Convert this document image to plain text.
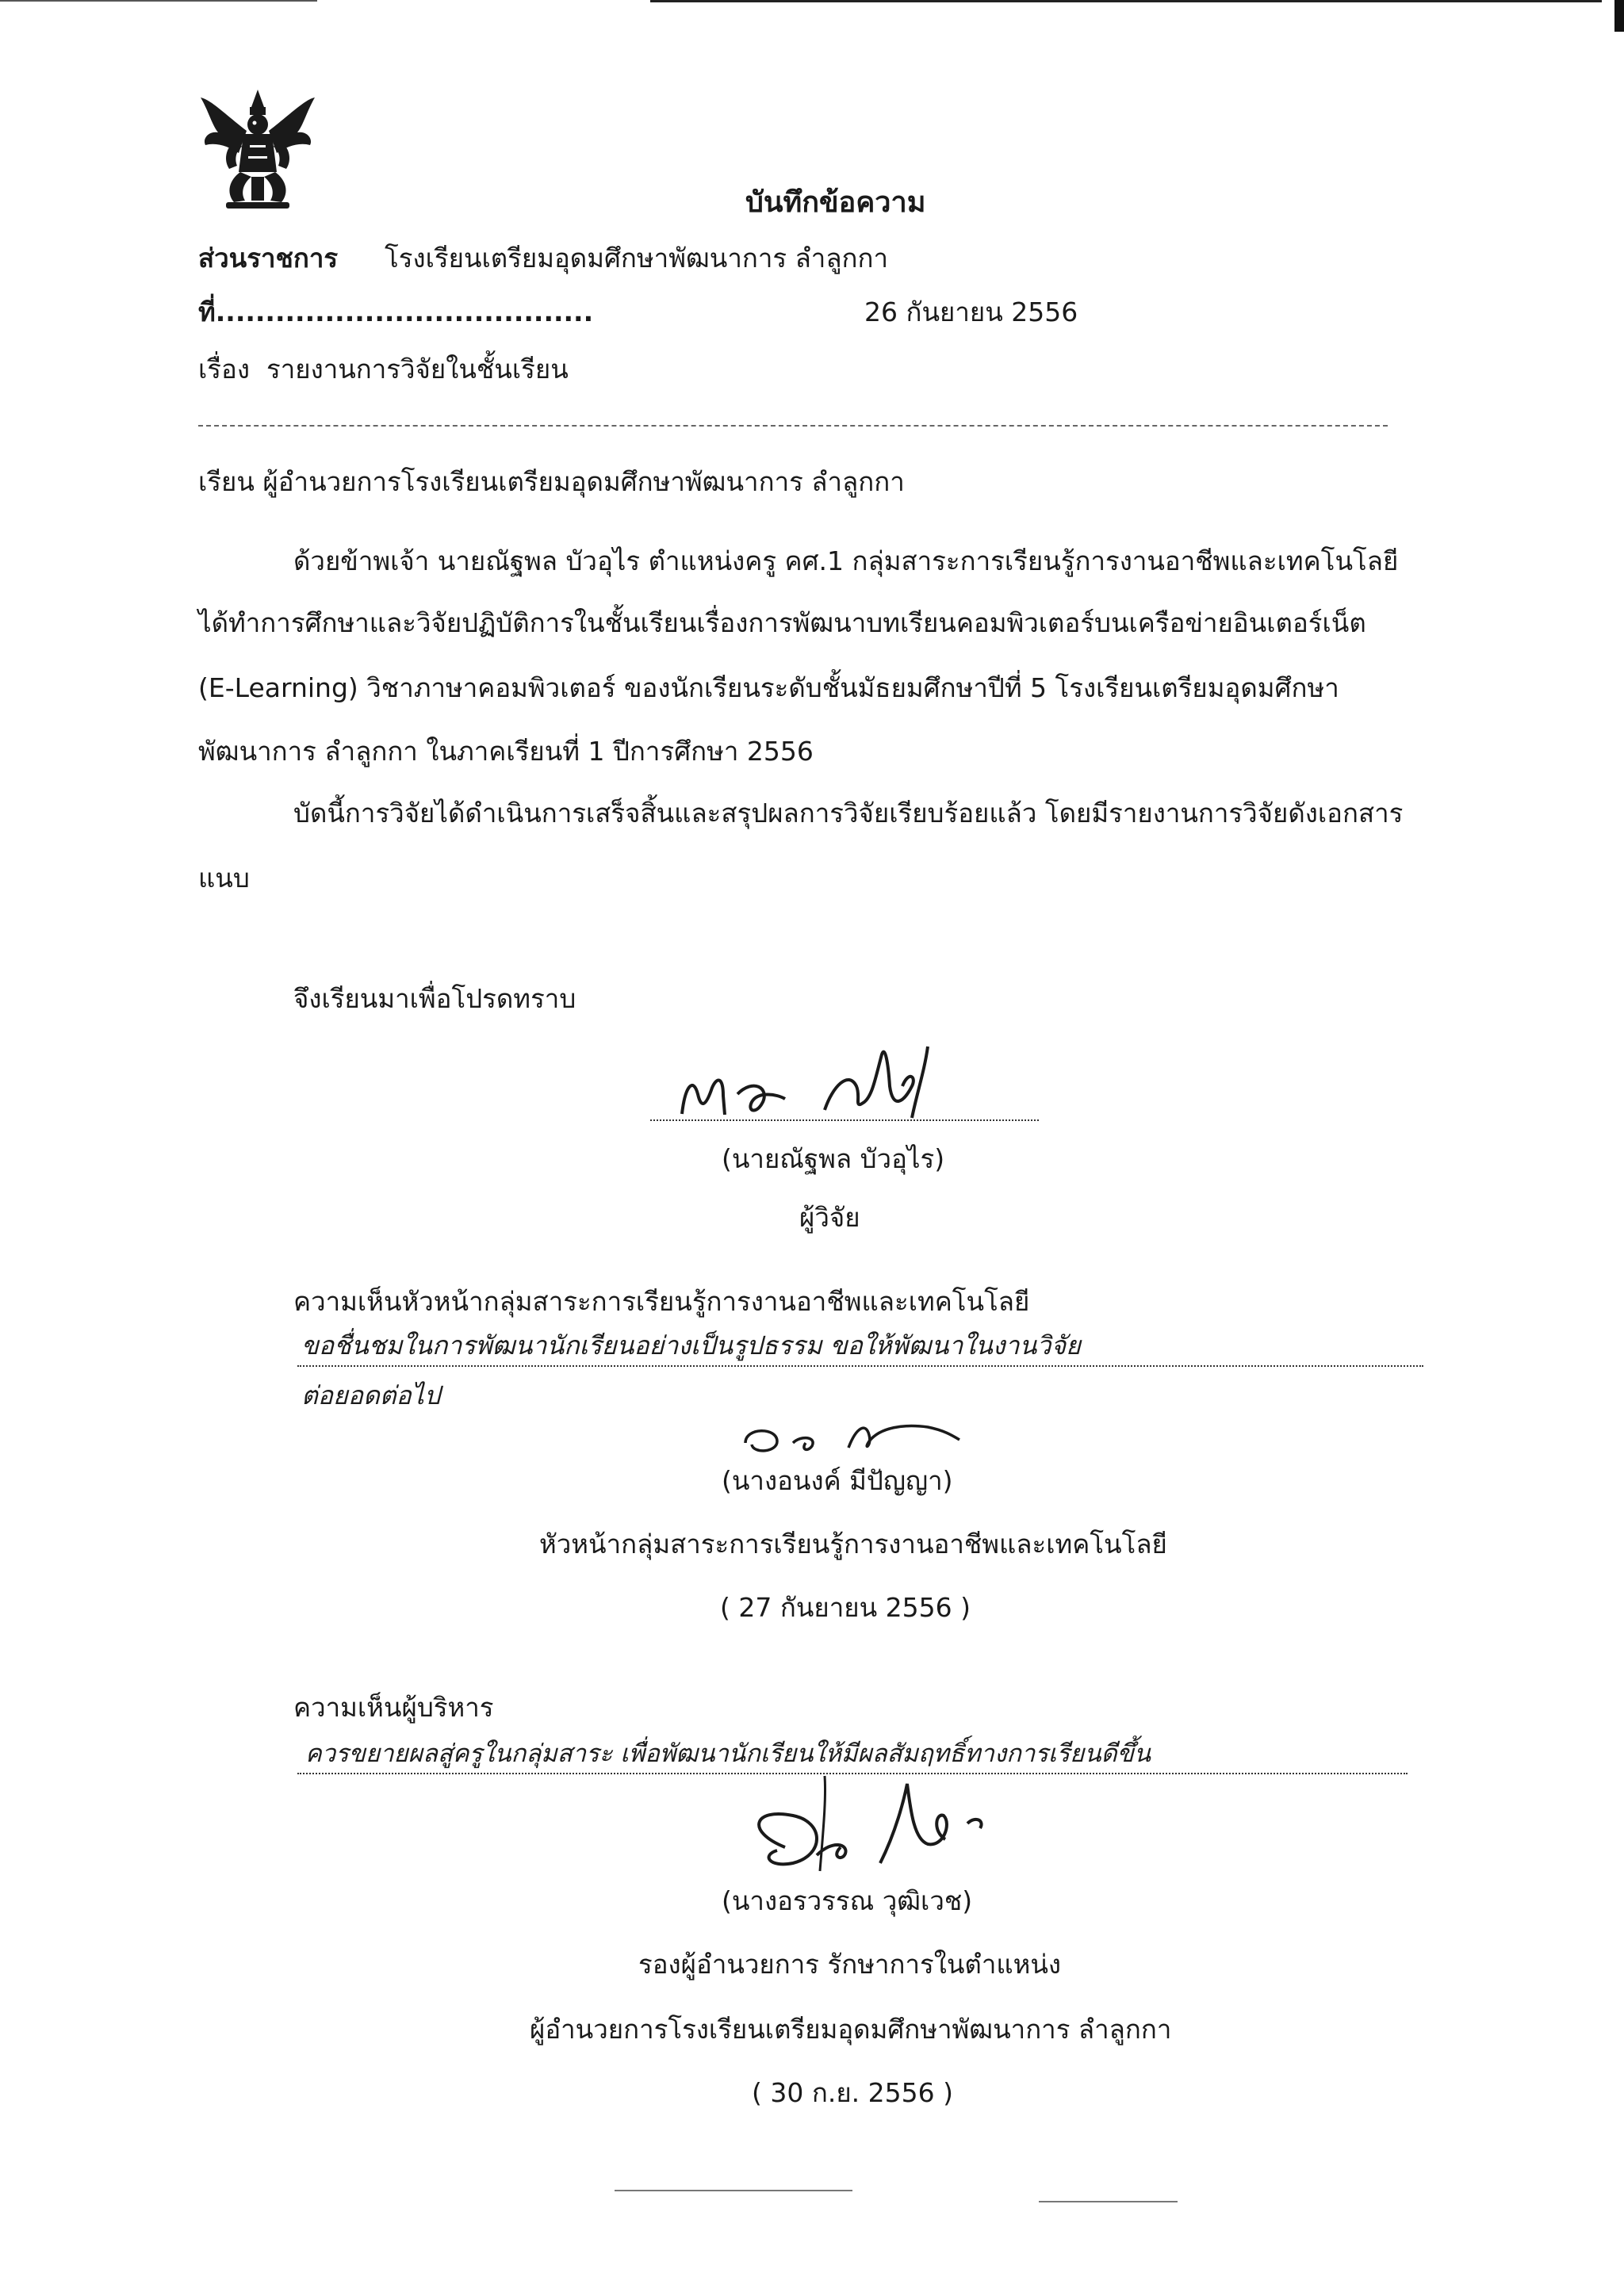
บันทึกข้อความ
ส่วนราชการ โรงเรียนเตรียมอุดมศึกษาพัฒนาการ ลำลูกกา
ที่......................................	26 กันยายน 2556
เรื่อง รายงานการวิจัยในชั้นเรียน
เรียน ผู้อำนวยการโรงเรียนเตรียมอุดมศึกษาพัฒนาการ ลำลูกกา
ด้วยข้าพเจ้า นายณัฐพล บัวอุไร ตำแหน่งครู คศ.1 กลุ่มสาระการเรียนรู้การงานอาชีพและเทคโนโลยี
ได้ทำการศึกษาและวิจัยปฏิบัติการในชั้นเรียนเรื่องการพัฒนาบทเรียนคอมพิวเตอร์บนเครือข่ายอินเตอร์เน็ต
(E-Learning) วิชาภาษาคอมพิวเตอร์ ของนักเรียนระดับชั้นมัธยมศึกษาปีที่ 5 โรงเรียนเตรียมอุดมศึกษา
พัฒนาการ ลำลูกกา ในภาคเรียนที่ 1 ปีการศึกษา 2556
บัดนี้การวิจัยได้ดำเนินการเสร็จสิ้นและสรุปผลการวิจัยเรียบร้อยแล้ว โดยมีรายงานการวิจัยดังเอกสาร
แนบ
จึงเรียนมาเพื่อโปรดทราบ
(นายณัฐพล บัวอุไร)
ผู้วิจัย
ความเห็นหัวหน้ากลุ่มสาระการเรียนรู้การงานอาชีพและเทคโนโลยี
ขอชื่นชมในการพัฒนานักเรียนอย่างเป็นรูปธรรม ขอให้พัฒนาในงานวิจัย
ต่อยอดต่อไป
(นางอนงค์ มีปัญญา)
หัวหน้ากลุ่มสาระการเรียนรู้การงานอาชีพและเทคโนโลยี
( 27 กันยายน 2556 )
ความเห็นผู้บริหาร
ควรขยายผลสู่ครูในกลุ่มสาระ เพื่อพัฒนานักเรียนให้มีผลสัมฤทธิ์ทางการเรียนดีขึ้น
(นางอรวรรณ วุฒิเวช)
รองผู้อำนวยการ รักษาการในตำแหน่ง
ผู้อำนวยการโรงเรียนเตรียมอุดมศึกษาพัฒนาการ ลำลูกกา
( 30 ก.ย. 2556 )
